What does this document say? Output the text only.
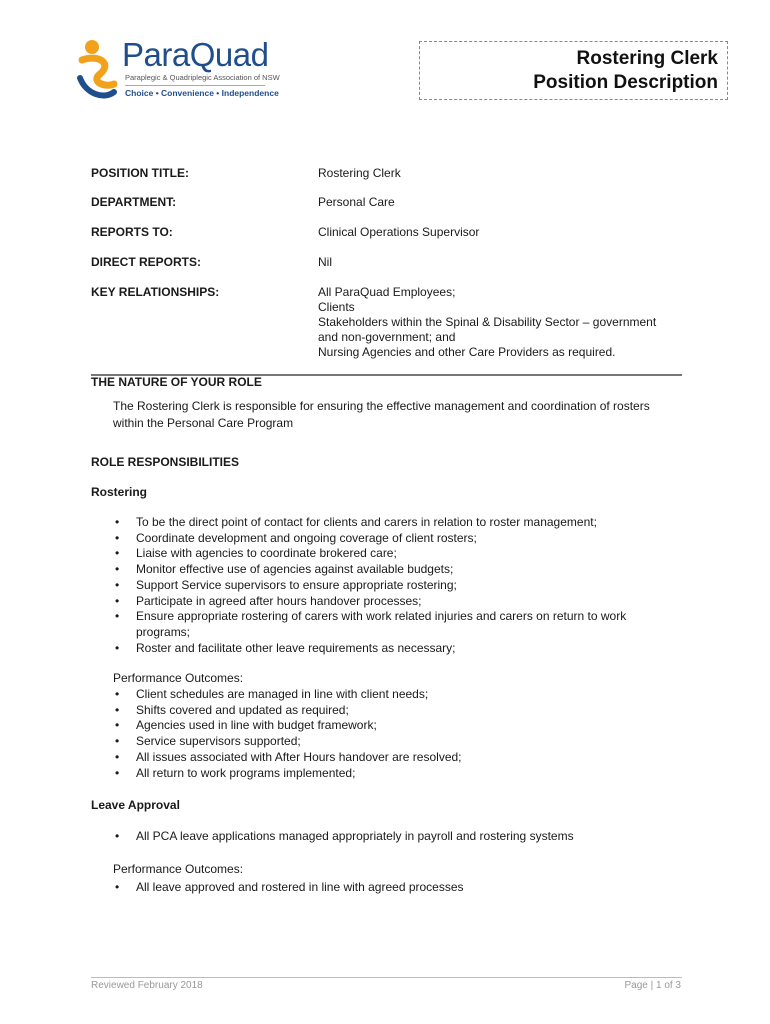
ParaQuad
Paraplegic & Quadriplegic Association of NSW
Choice • Convenience • Independence
Rostering Clerk
Position Description
POSITION TITLE:	Rostering Clerk
DEPARTMENT:	Personal Care
REPORTS TO:	Clinical Operations Supervisor
DIRECT REPORTS:	Nil
KEY RELATIONSHIPS:	All ParaQuad Employees;
Clients
Stakeholders within the Spinal & Disability Sector – government
and non-government; and
Nursing Agencies and other Care Providers as required.
THE NATURE OF YOUR ROLE
The Rostering Clerk is responsible for ensuring the effective management and coordination of rosters
within the Personal Care Program
ROLE RESPONSIBILITIES
Rostering
• To be the direct point of contact for clients and carers in relation to roster management;
• Coordinate development and ongoing coverage of client rosters;
• Liaise with agencies to coordinate brokered care;
• Monitor effective use of agencies against available budgets;
• Support Service supervisors to ensure appropriate rostering;
• Participate in agreed after hours handover processes;
• Ensure appropriate rostering of carers with work related injuries and carers on return to work programs;
• Roster and facilitate other leave requirements as necessary;
Performance Outcomes:
• Client schedules are managed in line with client needs;
• Shifts covered and updated as required;
• Agencies used in line with budget framework;
• Service supervisors supported;
• All issues associated with After Hours handover are resolved;
• All return to work programs implemented;
Leave Approval
• All PCA leave applications managed appropriately in payroll and rostering systems
Performance Outcomes:
• All leave approved and rostered in line with agreed processes
Reviewed February 2018	Page | 1 of 3
